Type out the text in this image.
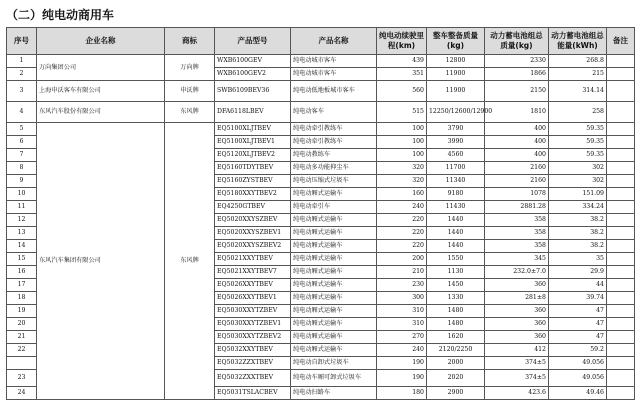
（二）纯电动商用车
序号	企业名称	商标	产品型号	产品名称	纯电动续驶里程(km)	整车整备质量(kg)	动力蓄电池组总质量(kg)	动力蓄电池组总能量(kWh)	备注
1	万向集团公司	万向牌	WXB6100GEV	纯电动城市客车	439	12800	2330	268.8	
2			WXB6100GEV2	纯电动城市客车	351	11900	1866	215	
3	上海申沃客车有限公司	申沃牌	SWB6109BEV36	纯电动低地板城市客车	560	11900	2150	314.14	
4	东风汽车股份有限公司	东风牌	DFA6118LBEV	纯电动客车	515	12250/12600/12900	1810	258	
5	东风汽车集团有限公司	东风牌	EQ5100XLJTBEV	纯电动牵引教练车	100	3790	400	59.35	
6			EQ5100XLJTBEV1	纯电动牵引教练车	100	3990	400	59.35	
7			EQ5120XLJTBEV2	纯电动教练车	100	4560	400	59.35	
8			EQ5160TDYTBEV	纯电动多功能抑尘车	320	11700	2160	302	
9			EQ5160ZYSTBEV	纯电动压缩式垃圾车	320	11340	2160	302	
10			EQ5180XXYTBEV2	纯电动厢式运输车	160	9180	1078	151.09	
11			EQ4250GTBEV	纯电动牵引车	240	11430	2881.28	334.24	
12			EQ5020XXYSZBEV	纯电动厢式运输车	220	1440	358	38.2	
13			EQ5020XXYSZBEV1	纯电动厢式运输车	220	1440	358	38.2	
14			EQ5020XXYSZBEV2	纯电动厢式运输车	220	1440	358	38.2	
15			EQ5021XXYTBEV	纯电动厢式运输车	200	1550	345	35	
16			EQ5021XXYTBEV7	纯电动厢式运输车	210	1130	232.0±7.0	29.9	
17			EQ5026XXYTBEV	纯电动厢式运输车	230	1450	360	44	
18			EQ5026XXYTBEV1	纯电动厢式运输车	300	1330	281±8	39.74	
19			EQ5030XXYTZBEV	纯电动厢式运输车	310	1480	360	47	
20			EQ5030XXYTZBEV1	纯电动厢式运输车	310	1480	360	47	
21			EQ5030XXYTZBEV2	纯电动厢式运输车	270	1620	360	47	
22			EQ5032XXYTBEV	纯电动厢式运输车	240	2120/2250	412	59.2	
			EQ5032ZZXTBEV	纯电动自卸式垃圾车	190	2000	374±5	49.056	
23			EQ5032ZXXTBEV	纯电动车厢可卸式垃圾车	190	2020	374±5	49.056	
24			EQ5031TSLACBEV	纯电动扫路车	180	2900	423.6	49.46	
